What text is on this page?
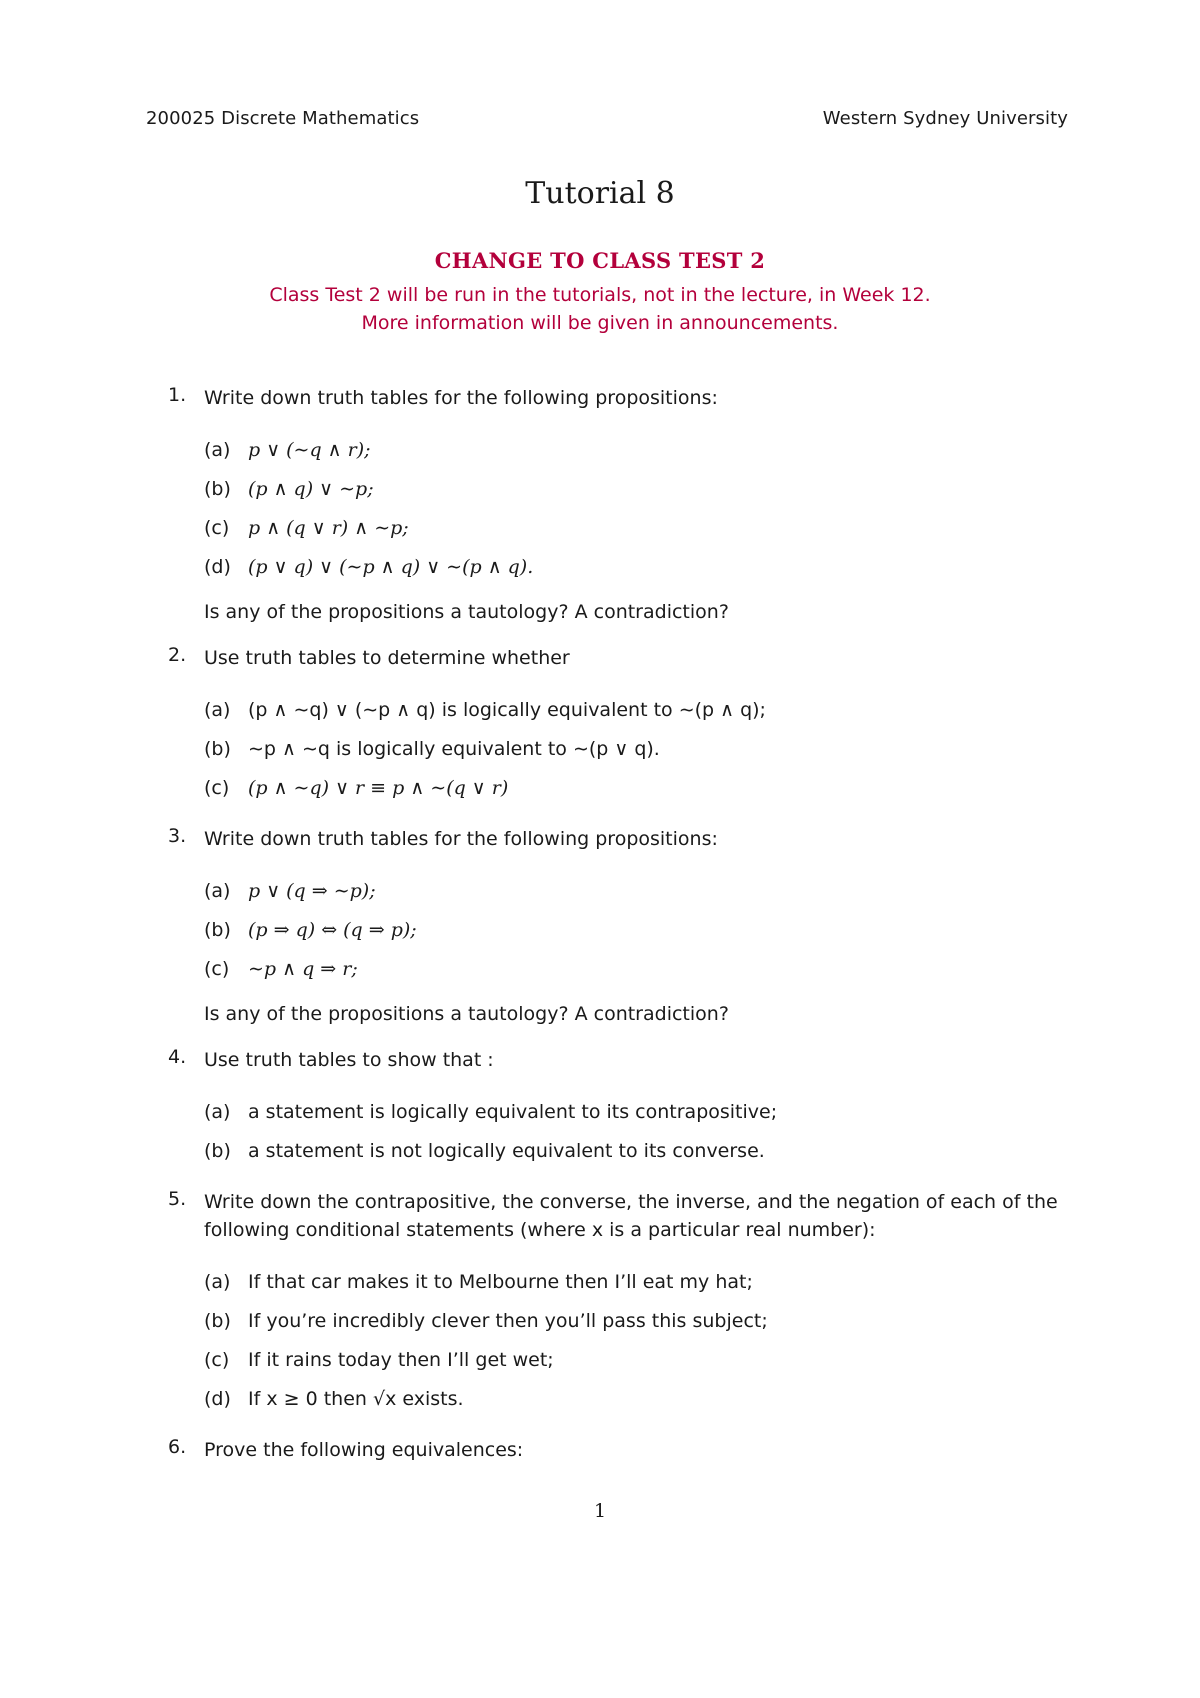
200025 Discrete Mathematics	Western Sydney University
Tutorial 8
CHANGE TO CLASS TEST 2
Class Test 2 will be run in the tutorials, not in the lecture, in Week 12.
More information will be given in announcements.
1. Write down truth tables for the following propositions:
(a) p ∨ (∼q ∧ r);
(b) (p ∧ q) ∨ ∼p;
(c) p ∧ (q ∨ r) ∧ ∼p;
(d) (p ∨ q) ∨ (∼p ∧ q) ∨ ∼(p ∧ q).
Is any of the propositions a tautology? A contradiction?
2. Use truth tables to determine whether
(a) (p ∧ ∼q) ∨ (∼p ∧ q) is logically equivalent to ∼(p ∧ q);
(b) ∼p ∧ ∼q is logically equivalent to ∼(p ∨ q).
(c) (p ∧ ∼q) ∨ r ≡ p ∧ ∼(q ∨ r)
3. Write down truth tables for the following propositions:
(a) p ∨ (q ⇒ ∼p);
(b) (p ⇒ q) ⇔ (q ⇒ p);
(c) ∼p ∧ q ⇒ r;
Is any of the propositions a tautology? A contradiction?
4. Use truth tables to show that :
(a) a statement is logically equivalent to its contrapositive;
(b) a statement is not logically equivalent to its converse.
5. Write down the contrapositive, the converse, the inverse, and the negation of each of the following conditional statements (where x is a particular real number):
(a) If that car makes it to Melbourne then I’ll eat my hat;
(b) If you’re incredibly clever then you’ll pass this subject;
(c) If it rains today then I’ll get wet;
(d) If x ≥ 0 then √x exists.
6. Prove the following equivalences:
1
